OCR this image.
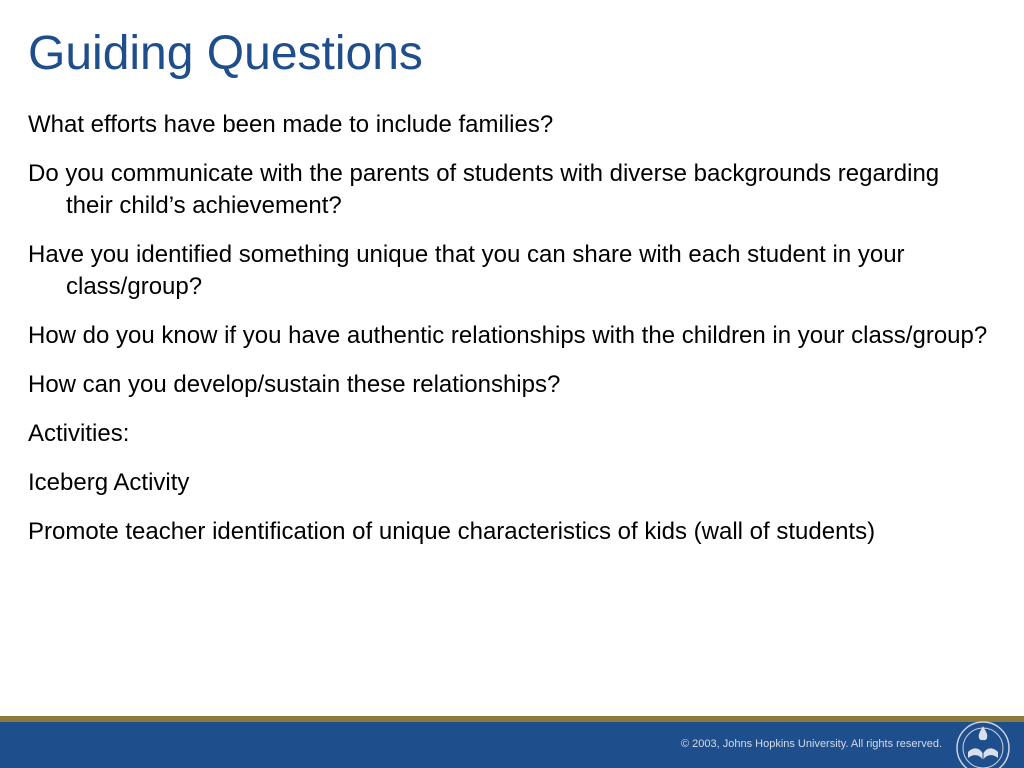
Guiding Questions
What efforts have been made to include families?
Do you communicate with the parents of students with diverse backgrounds regarding their child’s achievement?
Have you identified something unique that you can share with each student in your class/group?
How do you know if you have authentic relationships with the children in your class/group?
How can you develop/sustain these relationships?
Activities:
Iceberg Activity
Promote teacher identification of unique characteristics of kids (wall of students)
© 2003, Johns Hopkins University. All rights reserved.
